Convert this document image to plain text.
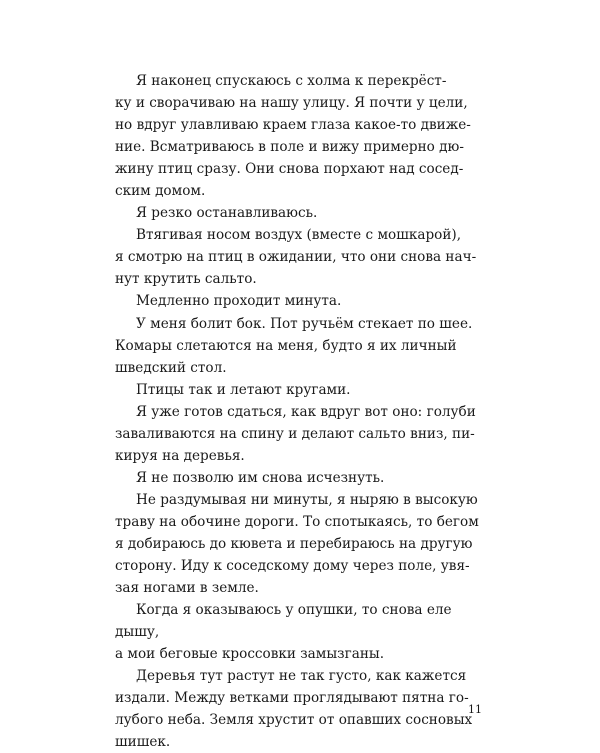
Я наконец спускаюсь с холма к перекрёст-
ку и сворачиваю на нашу улицу. Я почти у цели,
но вдруг улавливаю краем глаза какое-то движе-
ние. Всматриваюсь в поле и вижу примерно дю-
жину птиц сразу. Они снова порхают над сосед-
ским домом.

Я резко останавливаюсь.

Втягивая носом воздух (вместе с мошкарой),
я смотрю на птиц в ожидании, что они снова нач-
нут крутить сальто.

Медленно проходит минута.

У меня болит бок. Пот ручьём стекает по шее.
Комары слетаются на меня, будто я их личный
шведский стол.

Птицы так и летают кругами.

Я уже готов сдаться, как вдруг вот оно: голуби
заваливаются на спину и делают сальто вниз, пи-
кируя на деревья.

Я не позволю им снова исчезнуть.

Не раздумывая ни минуты, я ныряю в высокую
траву на обочине дороги. То спотыкаясь, то бегом
я добираюсь до кювета и перебираюсь на другую
сторону. Иду к соседскому дому через поле, увя-
зая ногами в земле.

Когда я оказываюсь у опушки, то снова еле дышу,
а мои беговые кроссовки замызганы.

Деревья тут растут не так густо, как кажется
издали. Между ветками проглядывают пятна го-
лубого неба. Земля хрустит от опавших сосновых
шишек.

11
